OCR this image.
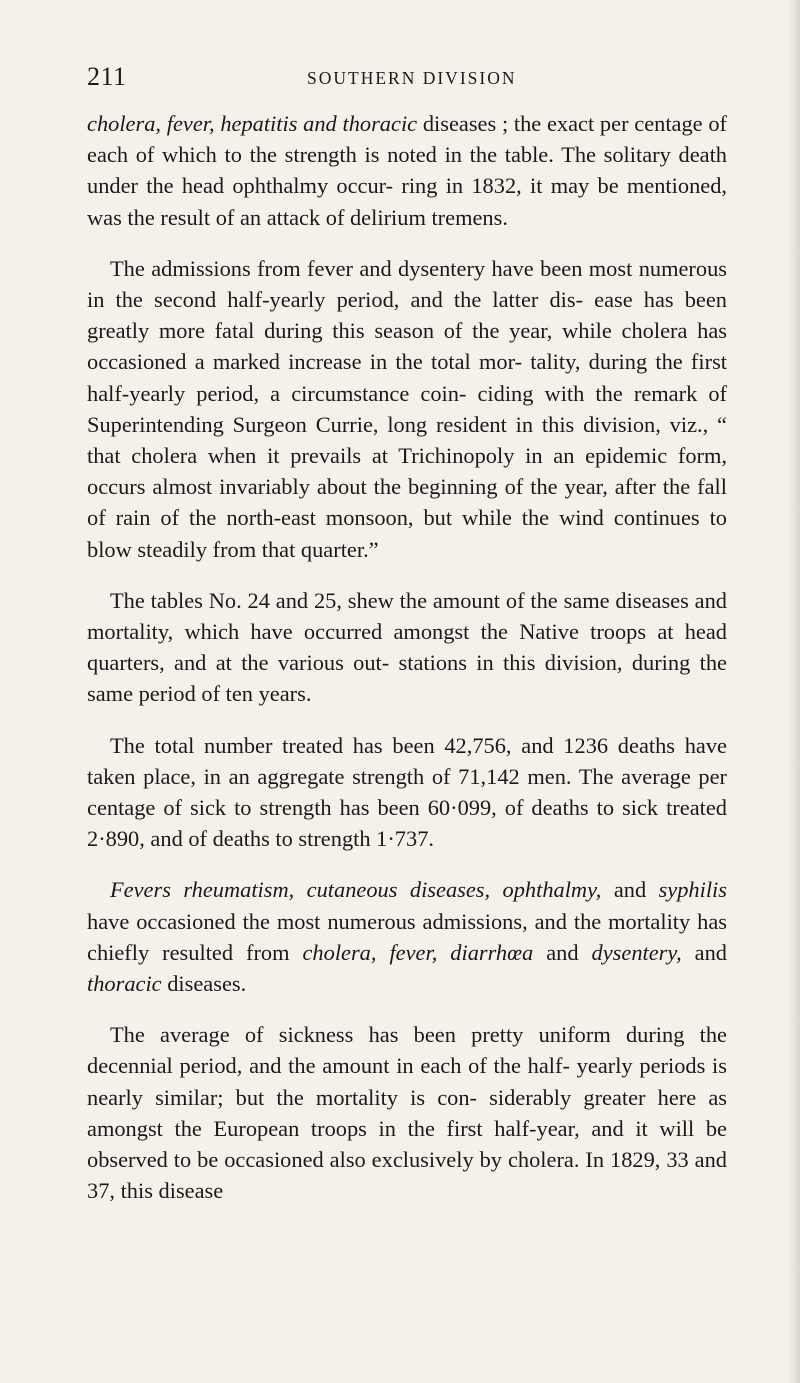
211	SOUTHERN DIVISION

cholera, fever, hepatitis and thoracic diseases ; the exact per centage of each of which to the strength is noted in the table. The solitary death under the head ophthalmy occur- ring in 1832, it may be mentioned, was the result of an attack of delirium tremens.

The admissions from fever and dysentery have been most numerous in the second half-yearly period, and the latter dis- ease has been greatly more fatal during this season of the year, while cholera has occasioned a marked increase in the total mor- tality, during the first half-yearly period, a circumstance coin- ciding with the remark of Superintending Surgeon Currie, long resident in this division, viz., “ that cholera when it prevails at Trichinopoly in an epidemic form, occurs almost invariably about the beginning of the year, after the fall of rain of the north-east monsoon, but while the wind continues to blow steadily from that quarter.”

The tables No. 24 and 25, shew the amount of the same diseases and mortality, which have occurred amongst the Native troops at head quarters, and at the various out- stations in this division, during the same period of ten years.

The total number treated has been 42,756, and 1236 deaths have taken place, in an aggregate strength of 71,142 men. The average per centage of sick to strength has been 60·099, of deaths to sick treated 2·890, and of deaths to strength 1·737.

Fevers rheumatism, cutaneous diseases, ophthalmy, and syphilis have occasioned the most numerous admissions, and the mortality has chiefly resulted from cholera, fever, diarrhœa and dysentery, and thoracic diseases.

The average of sickness has been pretty uniform during the decennial period, and the amount in each of the half- yearly periods is nearly similar; but the mortality is con- siderably greater here as amongst the European troops in the first half-year, and it will be observed to be occasioned also exclusively by cholera. In 1829, 33 and 37, this disease
